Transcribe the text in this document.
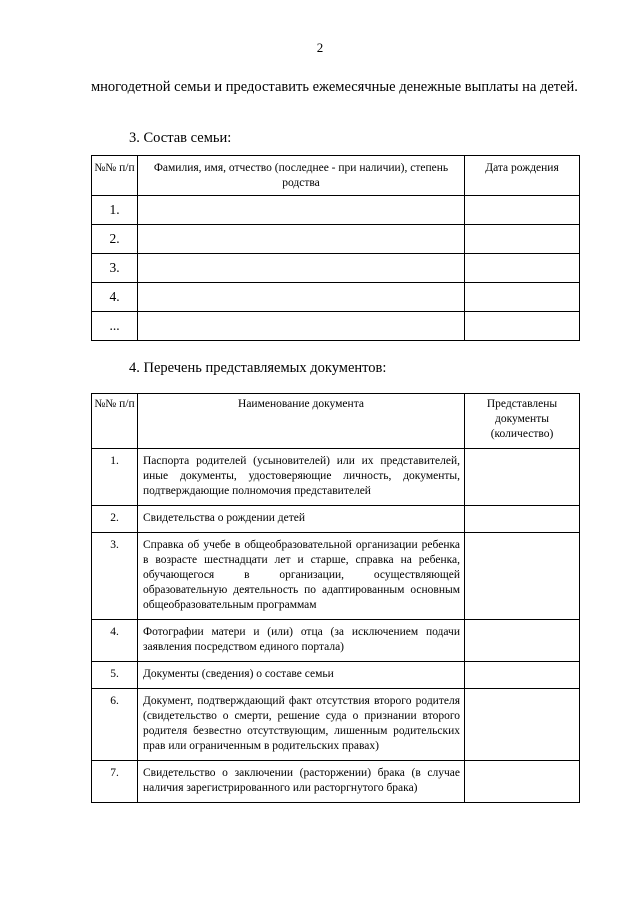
2
многодетной семьи и предоставить ежемесячные денежные выплаты на детей.
3. Состав семьи:
№№ п/п	Фамилия, имя, отчество (последнее - при наличии), степень родства	Дата рождения
1.		
2.		
3.		
4.		
...		
4. Перечень представляемых документов:
№№ п/п	Наименование документа	Представлены документы (количество)
1.	Паспорта родителей (усыновителей) или их представителей, иные документы, удостоверяющие личность, документы, подтверждающие полномочия представителей	
2.	Свидетельства о рождении детей	
3.	Справка об учебе в общеобразовательной организации ребенка в возрасте шестнадцати лет и старше, справка на ребенка, обучающегося в организации, осуществляющей образовательную деятельность по адаптированным основным общеобразовательным программам	
4.	Фотографии матери и (или) отца (за исключением подачи заявления посредством единого портала)	
5.	Документы (сведения) о составе семьи	
6.	Документ, подтверждающий факт отсутствия второго родителя (свидетельство о смерти, решение суда о признании второго родителя безвестно отсутствующим, лишенным родительских прав или ограниченным в родительских правах)	
7.	Свидетельство о заключении (расторжении) брака (в случае наличия зарегистрированного или расторгнутого брака)	
